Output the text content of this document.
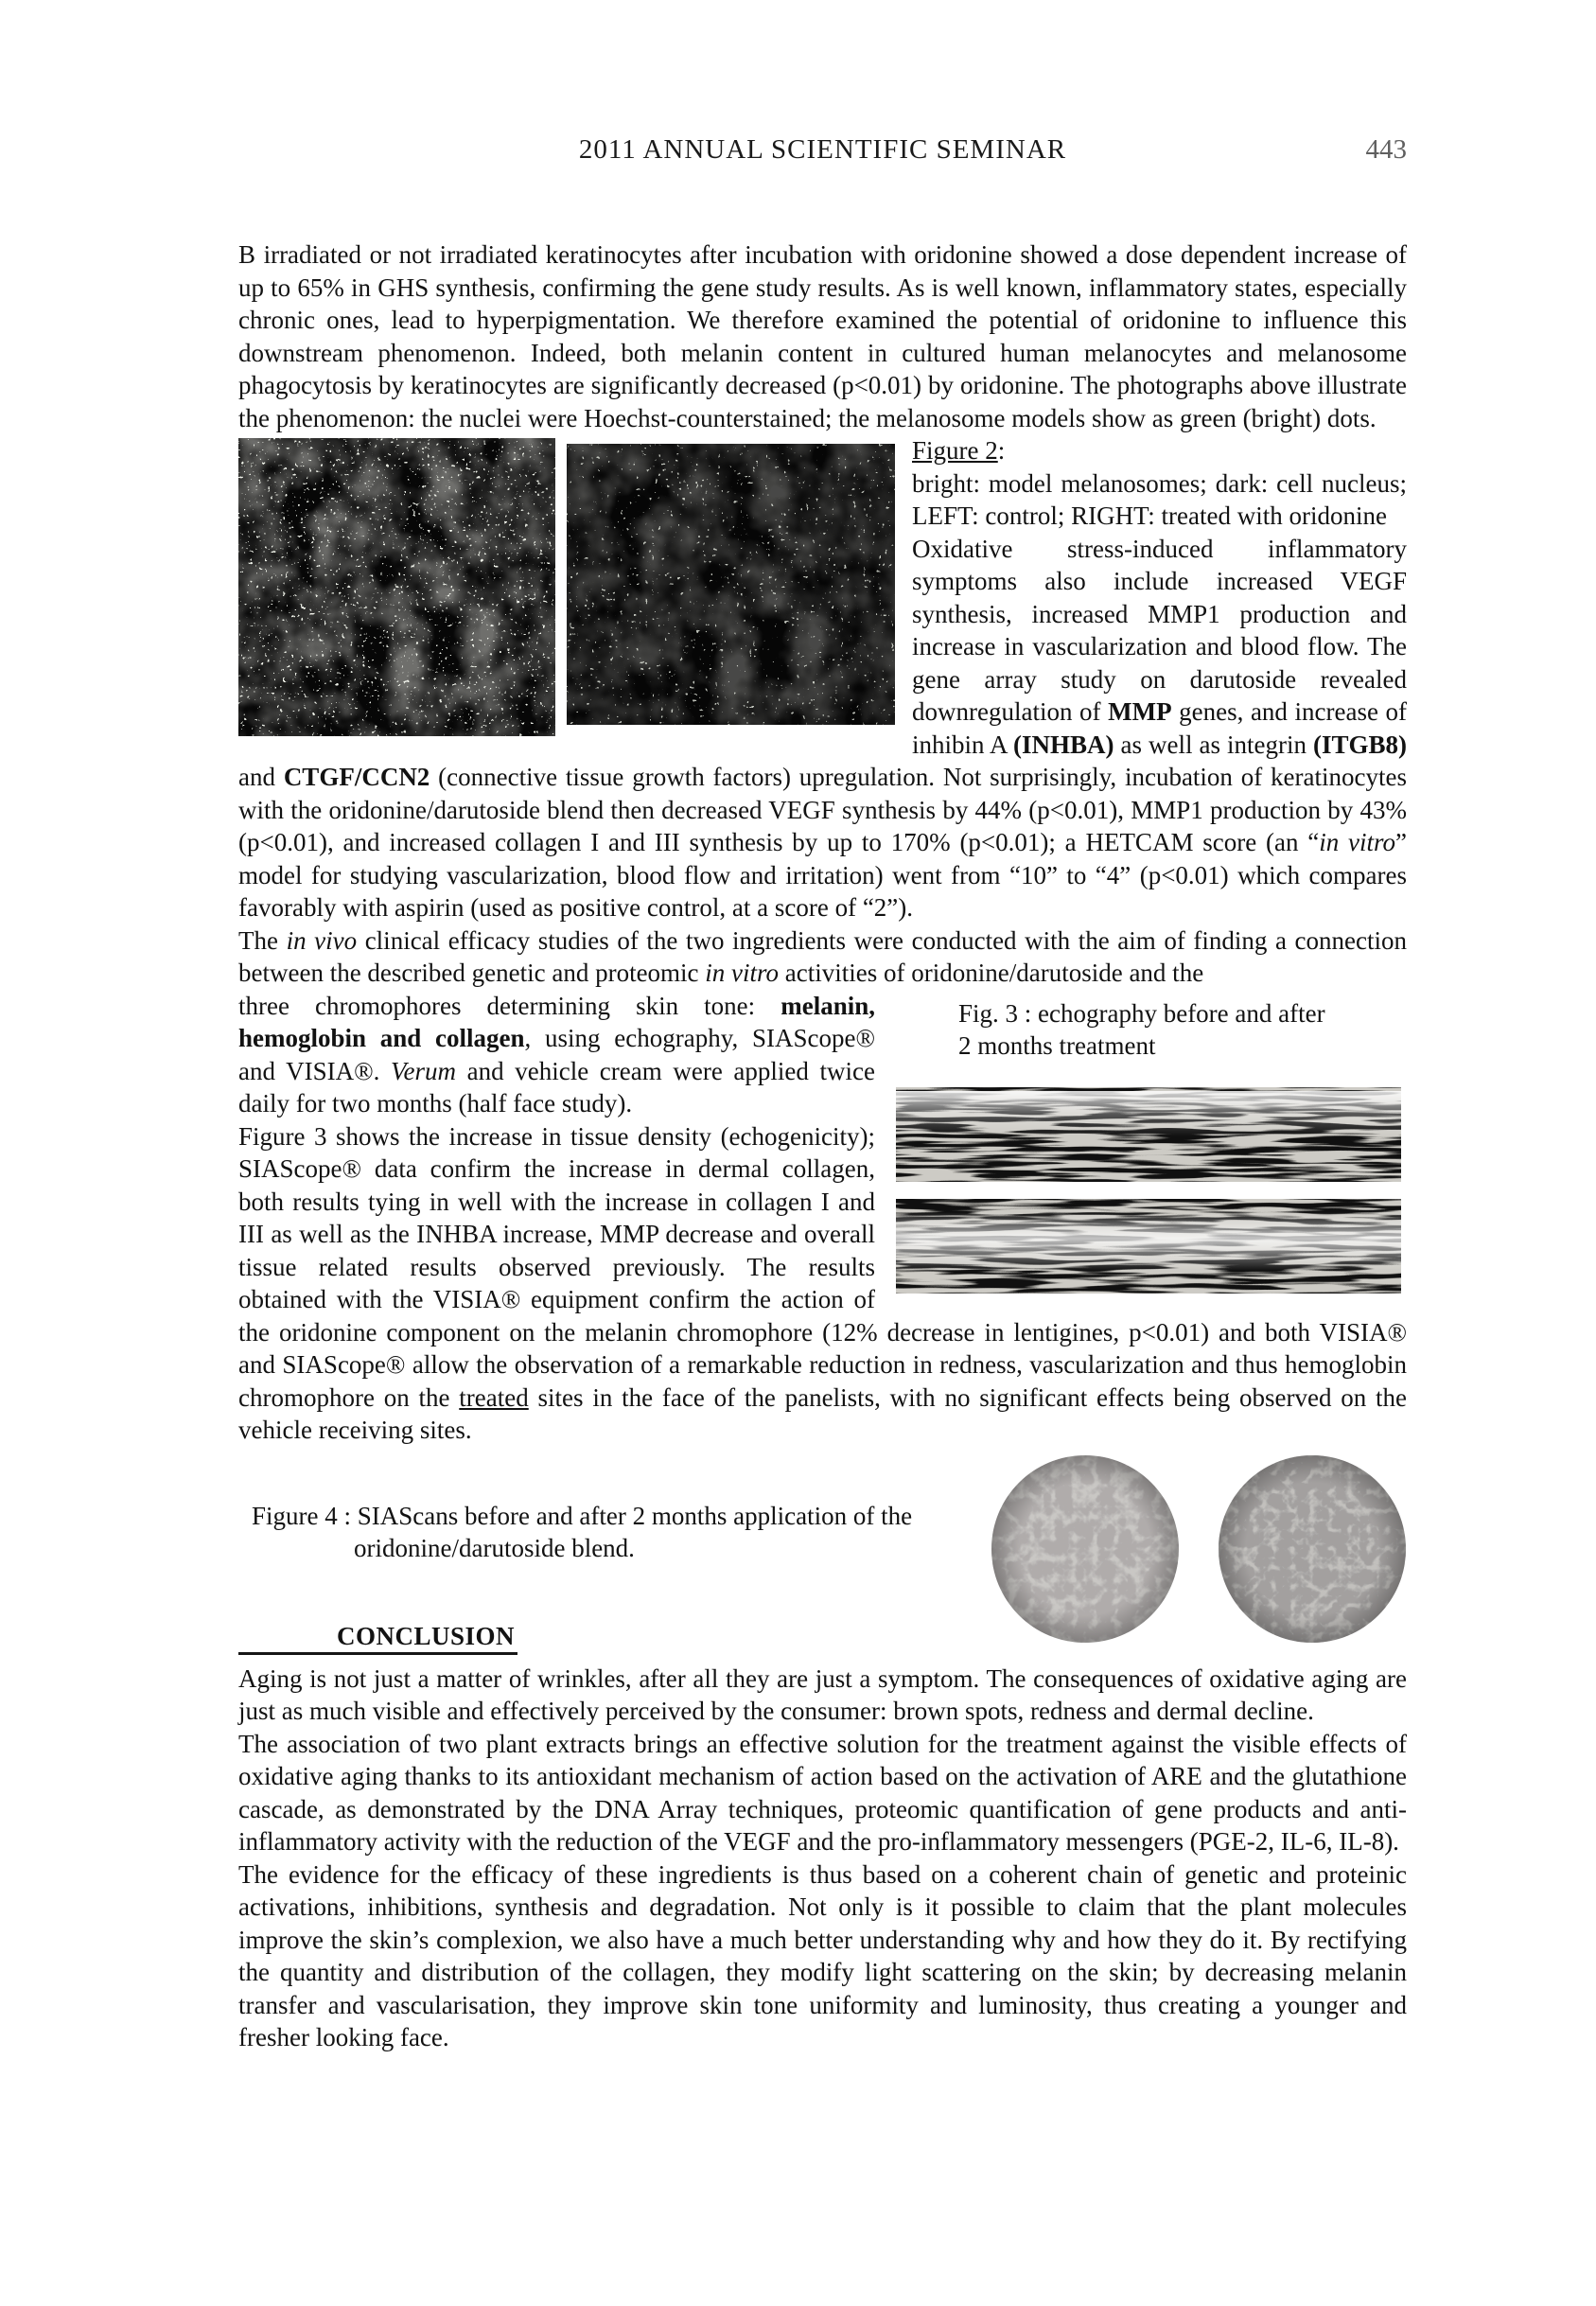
2011 ANNUAL SCIENTIFIC SEMINAR	443

B irradiated or not irradiated keratinocytes after incubation with oridonine showed a dose dependent increase of up to 65% in GHS synthesis, confirming the gene study results. As is well known, inflammatory states, especially chronic ones, lead to hyperpigmentation. We therefore examined the potential of oridonine to influence this downstream phenomenon. Indeed, both melanin content in cultured human melanocytes and melanosome phagocytosis by keratinocytes are significantly decreased (p<0.01) by oridonine. The photographs above illustrate the phenomenon: the nuclei were Hoechst-counterstained; the melanosome models show as green (bright) dots.

Figure 2:

bright: model melanosomes; dark: cell nucleus; LEFT: control; RIGHT: treated with oridonine

Oxidative stress-induced inflammatory symptoms also include increased VEGF synthesis, increased MMP1 production and increase in vascularization and blood flow. The gene array study on darutoside revealed downregulation of MMP genes, and increase of inhibin A (INHBA) as well as integrin (ITGB8) and CTGF/CCN2 (connective tissue growth factors) upregulation. Not surprisingly, incubation of keratinocytes with the oridonine/darutoside blend then decreased VEGF synthesis by 44% (p<0.01), MMP1 production by 43% (p<0.01), and increased collagen I and III synthesis by up to 170% (p<0.01); a HETCAM score (an “in vitro” model for studying vascularization, blood flow and irritation) went from “10” to “4” (p<0.01) which compares favorably with aspirin (used as positive control, at a score of “2”).

The in vivo clinical efficacy studies of the two ingredients were conducted with the aim of finding a connection between the described genetic and proteomic in vitro activities of oridonine/darutoside and the

Fig. 3 : echography before and after 2 months treatment

three chromophores determining skin tone: melanin, hemoglobin and collagen, using echography, SIAScope® and VISIA®. Verum and vehicle cream were applied twice daily for two months (half face study).

Figure 3 shows the increase in tissue density (echogenicity); SIAScope® data confirm the increase in dermal collagen, both results tying in well with the increase in collagen I and III as well as the INHBA increase, MMP decrease and overall tissue related results observed previously. The results obtained with the VISIA® equipment confirm the action of the oridonine component on the melanin chromophore (12% decrease in lentigines, p<0.01) and both VISIA® and SIAScope® allow the observation of a remarkable reduction in redness, vascularization and thus hemoglobin chromophore on the treated sites in the face of the panelists, with no significant effects being observed on the vehicle receiving sites.

Figure 4 : SIAScans before and after 2 months application of the
oridonine/darutoside blend.
CONCLUSION

Aging is not just a matter of wrinkles, after all they are just a symptom. The consequences of oxidative aging are just as much visible and effectively perceived by the consumer: brown spots, redness and dermal decline.

The association of two plant extracts brings an effective solution for the treatment against the visible effects of oxidative aging thanks to its antioxidant mechanism of action based on the activation of ARE and the glutathione cascade, as demonstrated by the DNA Array techniques, proteomic quantification of gene products and anti-inflammatory activity with the reduction of the VEGF and the pro-inflammatory messengers (PGE-2, IL-6, IL-8).

The evidence for the efficacy of these ingredients is thus based on a coherent chain of genetic and proteinic activations, inhibitions, synthesis and degradation. Not only is it possible to claim that the plant molecules improve the skin’s complexion, we also have a much better understanding why and how they do it. By rectifying the quantity and distribution of the collagen, they modify light scattering on the skin; by decreasing melanin transfer and vascularisation, they improve skin tone uniformity and luminosity, thus creating a younger and fresher looking face.
